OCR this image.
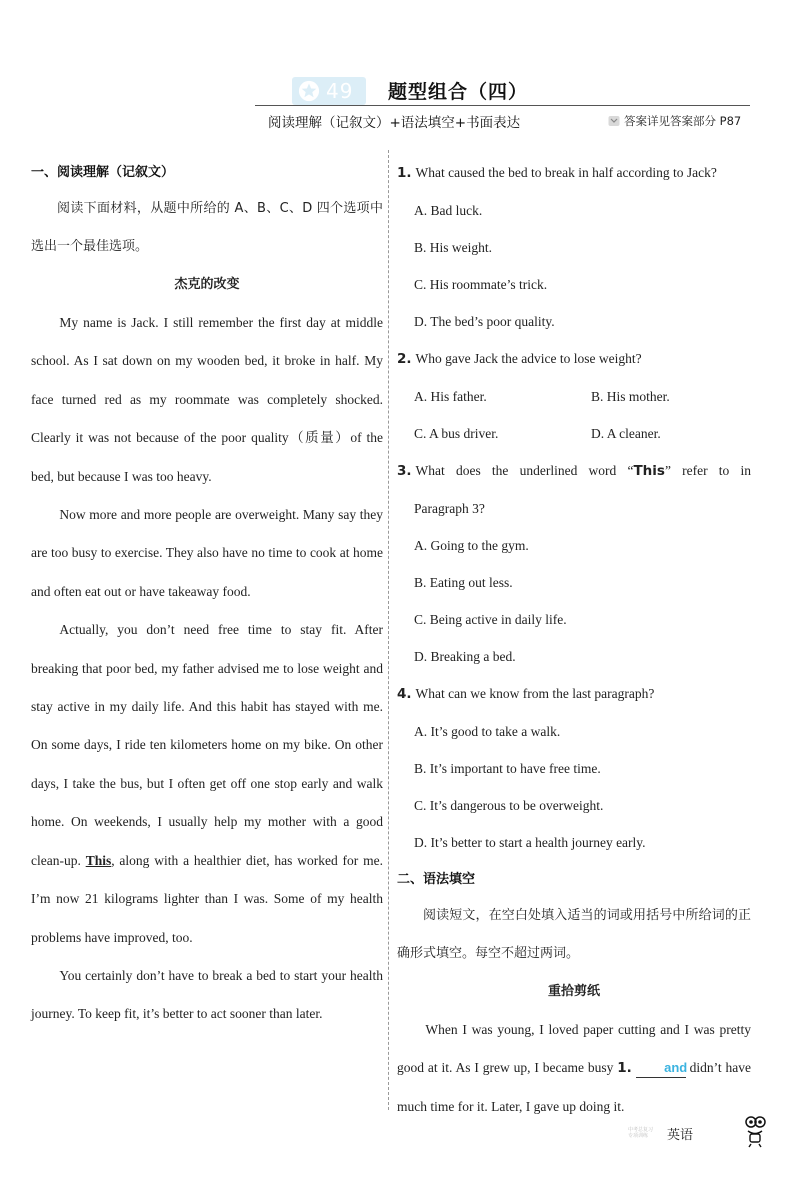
49 题型组合（四）
阅读理解（记叙文）+语法填空+书面表达	答案详见答案部分 P87
一、阅读理解（记叙文）
阅读下面材料，从题中所给的 A、B、C、D 四个选项中选出一个最佳选项。
杰克的改变
My name is Jack. I still remember the first day at middle school. As I sat down on my wooden bed, it broke in half. My face turned red as my roommate was completely shocked. Clearly it was not because of the poor quality（质量）of the bed, but because I was too heavy.
Now more and more people are overweight. Many say they are too busy to exercise. They also have no time to cook at home and often eat out or have takeaway food.
Actually, you don’t need free time to stay fit. After breaking that poor bed, my father advised me to lose weight and stay active in my daily life. And this habit has stayed with me. On some days, I ride ten kilometers home on my bike. On other days, I take the bus, but I often get off one stop early and walk home. On weekends, I usually help my mother with a good clean-up. This, along with a healthier diet, has worked for me. I’m now 21 kilograms lighter than I was. Some of my health problems have improved, too.
You certainly don’t have to break a bed to start your health journey. To keep fit, it’s better to act sooner than later.
1. What caused the bed to break in half according to Jack?
A. Bad luck.
B. His weight.
C. His roommate’s trick.
D. The bed’s poor quality.
2. Who gave Jack the advice to lose weight?
A. His father.	B. His mother.
C. A bus driver.	D. A cleaner.
3. What does the underlined word “This” refer to in
Paragraph 3?
A. Going to the gym.
B. Eating out less.
C. Being active in daily life.
D. Breaking a bed.
4. What can we know from the last paragraph?
A. It’s good to take a walk.
B. It’s important to have free time.
C. It’s dangerous to be overweight.
D. It’s better to start a health journey early.
二、语法填空
阅读短文，在空白处填入适当的词或用括号中所给词的正确形式填空。每空不超过两词。
重拾剪纸
When I was young, I loved paper cutting and I was pretty good at it. As I grew up, I became busy 1. and didn’t have much time for it. Later, I gave up doing it.
中考总复习
专项训练	英语
